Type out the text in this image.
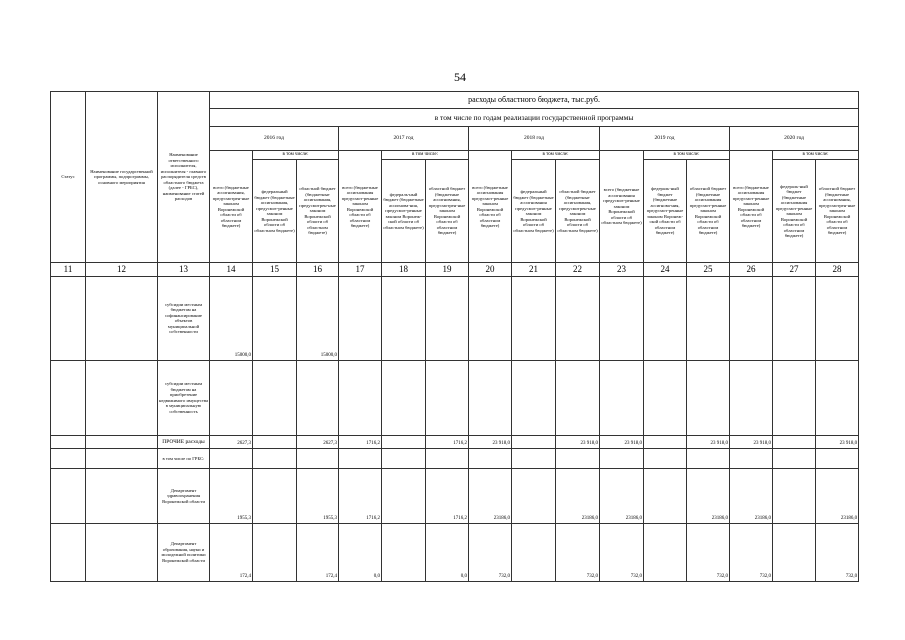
54
Статус	Наименование государственной программы, подпрограммы, основного мероприятия	Наименование ответственного исполнителя, исполнителя - главного распорядителя средств областного бюджета (далее - ГРБС), наименование статей расходов	расходы областного бюджета, тыс.руб.														
			в том числе по годам реализации государственной программы														
			2016 год			2017 год			2018 год			2019 год			2020 год		
			всего (бюджетные ассигнования, предусмотрен-ные законом Воронежской области об областном бюджете)	в том числе:		всего (бюджетные ассигнования предусмот-ренные законом Воронежской области об областном бюджете)	в том числе:		всего (бюджетные ассигнования предусмот-ренные законом Воронежской области об областном бюджете)	в том числе:		всего (бюджетные ассигнования предусмот-ренные законом Воронежской области об областном бюджете)	в том числе:		всего (бюджетные ассигнования предусмот-ренные законом Воронежской области об областном бюджете)	в том числе:	
				федеральный бюджет (бюджетные ассигнования, предусмот-ренные законом Воронежской области об областном бюджете)	областной бюджет (бюджетные ассигнования, предусмотрен-ные законом Воронежской области об областном бюджете)		федераль-ный бюджет (бюджетные ассигнова-ния, предусмот-ренные законом Воронеж-ской области об областном бюджете)	областной бюджет (бюджетные ассигнования, предусмотрен-ные законом Воронежской области об областном бюджете)		федеральный бюджет (бюджетные ассигнования предусмот-ренные законом Воронежской области об областном бюджете)	областной бюджет (бюджетные ассигнования, предусмотрен-ные законом Воронежской области об областном бюджете)		федераль-ный бюджет (бюджетные ассигнова-ния, предусмот-ренные законом Воронеж-ской области об областном бюджете)	областной бюджет (бюджетные ассигнования предусмот-ренные законом Воронежской области об областном бюджете)		федераль-ный бюджет (бюджетные ассигнования предусмот-ренные законом Воронежской области об областном бюджете)	областной бюджет (бюджетные ассигнования, предусмотрен-ные законом Воронежской области об областном бюджете)
11	12	13	14	15	16	17	18	19	20	21	22	23	24	25	26	27	28
		субсидии местным бюджетам на софинансирование объектов муниципальной собственности	15000,0		15000,0												
		субсидии местным бюджетам на приобретение недвижимого имущества в муниципальную собственность															
		ПРОЧИЕ расходы	2627,3		2627,3	1716,2		1716,2	23 918,0		23 918,0	23 918,0		23 918,0	23 918,0		23 918,0
		в том числе по ГРБС:															
		Департамент здравоохранения Воронежской области	1955,3		1955,3	1716,2		1716,2	23186,0		23186,0	23186,0		23186,0	23186,0		23186,0
		Департамент образования, науки и молодежной политики Воронежской области	172,4		172,4	0,0		0,0	732,0		732,0	732,0		732,0	732,0		732,0
